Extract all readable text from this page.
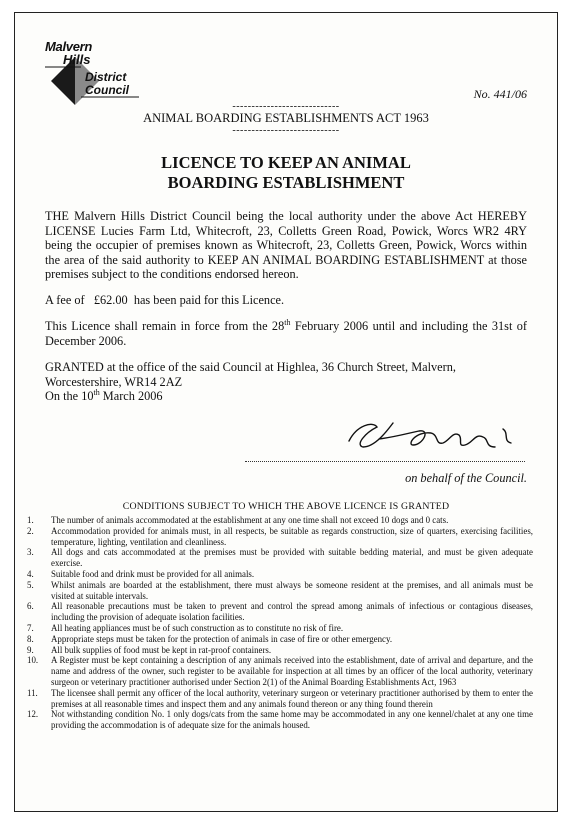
Malvern
Hills
District
Council	No. 441/06
----------------------------
ANIMAL BOARDING ESTABLISHMENTS ACT 1963
----------------------------
LICENCE TO KEEP AN ANIMAL
BOARDING ESTABLISHMENT
THE Malvern Hills District Council being the local authority under the above Act HEREBY LICENSE Lucies Farm Ltd, Whitecroft, 23, Colletts Green Road, Powick, Worcs WR2 4RY being the occupier of premises known as Whitecroft, 23, Colletts Green, Powick, Worcs within the area of the said authority to KEEP AN ANIMAL BOARDING ESTABLISHMENT at those premises subject to the conditions endorsed hereon.
A fee of £62.00 has been paid for this Licence.
This Licence shall remain in force from the 28th February 2006 until and including the 31st of December 2006.
GRANTED at the office of the said Council at Highlea, 36 Church Street, Malvern, Worcestershire, WR14 2AZ
On the 10th March 2006
on behalf of the Council.
CONDITIONS SUBJECT TO WHICH THE ABOVE LICENCE IS GRANTED
1.	The number of animals accommodated at the establishment at any one time shall not exceed 10 dogs and 0 cats.
2.	Accommodation provided for animals must, in all respects, be suitable as regards construction, size of quarters, exercising facilities, temperature, lighting, ventilation and cleanliness.
3.	All dogs and cats accommodated at the premises must be provided with suitable bedding material, and must be given adequate exercise.
4.	Suitable food and drink must be provided for all animals.
5.	Whilst animals are boarded at the establishment, there must always be someone resident at the premises, and all animals must be visited at suitable intervals.
6.	All reasonable precautions must be taken to prevent and control the spread among animals of infectious or contagious diseases, including the provision of adequate isolation facilities.
7.	All heating appliances must be of such construction as to constitute no risk of fire.
8.	Appropriate steps must be taken for the protection of animals in case of fire or other emergency.
9.	All bulk supplies of food must be kept in rat-proof containers.
10.	A Register must be kept containing a description of any animals received into the establishment, date of arrival and departure, and the name and address of the owner, such register to be available for inspection at all times by an officer of the local authority, veterinary surgeon or veterinary practitioner authorised under Section 2(1) of the Animal Boarding Establishments Act, 1963
11.	The licensee shall permit any officer of the local authority, veterinary surgeon or veterinary practitioner authorised by them to enter the premises at all reasonable times and inspect them and any animals found thereon or any thing found therein
12.	Not withstanding condition No. 1 only dogs/cats from the same home may be accommodated in any one kennel/chalet at any one time providing the accommodation is of adequate size for the animals housed.
